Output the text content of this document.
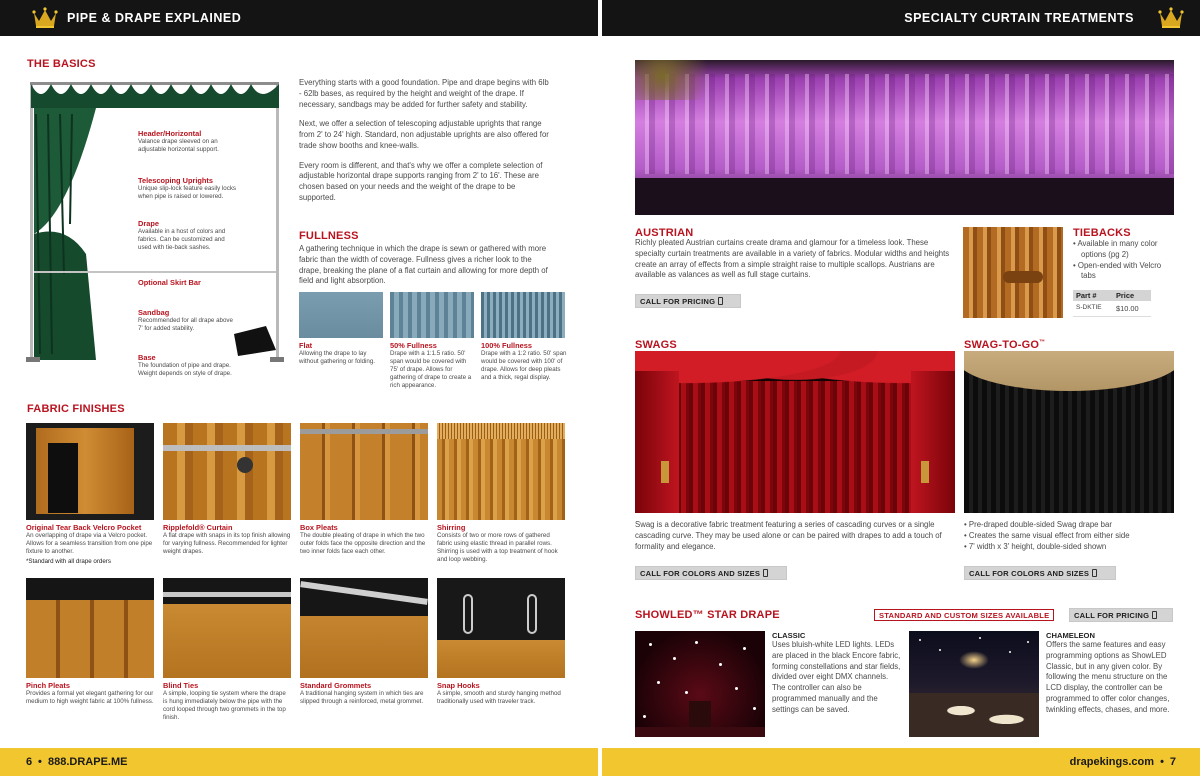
PIPE & DRAPE EXPLAINED	SPECIALTY CURTAIN TREATMENTS
THE BASICS
Header/Horizontal
Valance drape sleeved on an adjustable horizontal support.
Telescoping Uprights
Unique slip-lock feature easily locks when pipe is raised or lowered.
Drape
Available in a host of colors and fabrics. Can be customized and used with tie-back sashes.
Optional Skirt Bar
Sandbag
Recommended for all drape above 7' for added stability.
Base
The foundation of pipe and drape. Weight depends on style of drape.

Everything starts with a good foundation. Pipe and drape begins with 6lb - 62lb bases, as required by the height and weight of the drape. If necessary, sandbags may be added for further safety and stability.

Next, we offer a selection of telescoping adjustable uprights that range from 2' to 24' high. Standard, non adjustable uprights are also offered for trade show booths and knee-walls.

Every room is different, and that's why we offer a complete selection of adjustable horizontal drape supports ranging from 2' to 16'. These are chosen based on your needs and the weight of the drape to be supported.

FULLNESS

A gathering technique in which the drape is sewn or gathered with more fabric than the width of coverage. Fullness gives a richer look to the drape, breaking the plane of a flat curtain and allowing for more depth of field and light absorption.

Flat
Allowing the drape to lay without gathering or folding.
50% Fullness
Drape with a 1:1.5 ratio. 50' span would be covered with 75' of drape. Allows for gathering of drape to create a rich appearance.
100% Fullness
Drape with a 1:2 ratio. 50' span would be covered with 100' of drape. Allows for deep pleats and a thick, regal display.
FABRIC FINISHES
Original Tear Back Velcro Pocket
An overlapping of drape via a Velcro pocket. Allows for a seamless transition from one pipe fixture to another.
*Standard with all drape orders
Ripplefold® Curtain
A flat drape with snaps in its top finish allowing for varying fullness. Recommended for lighter weight drapes.
Box Pleats
The double pleating of drape in which the two outer folds face the opposite direction and the two inner folds face each other.
Shirring
Consists of two or more rows of gathered fabric using elastic thread in parallel rows. Shirring is used with a top treatment of hook and loop webbing.
Pinch Pleats
Provides a formal yet elegant gathering for our medium to high weight fabric at 100% fullness.
Blind Ties
A simple, looping tie system where the drape is hung immediately below the pipe with the cord looped through two grommets in the top finish.
Standard Grommets
A traditional hanging system in which ties are slipped through a reinforced, metal grommet.
Snap Hooks
A simple, smooth and sturdy hanging method traditionally used with traveler track.
AUSTRIAN

Richly pleated Austrian curtains create drama and glamour for a timeless look. These specialty curtain treatments are available in a variety of fabrics. Modular widths and heights create an array of effects from a simple straight raise to multiple scallops. Austrians are available as valances as well as full stage curtains.

CALL FOR PRICING
TIEBACKS
• Available in many color options (pg 2)
• Open-ended with Velcro tabs
Part #	Price
S-DKTIE	$10.00
SWAGS

Swag is a decorative fabric treatment featuring a series of cascading curves or a single cascading curve. They may be used alone or can be paired with drapes to add a touch of formality and elegance.

CALL FOR COLORS AND SIZES
SWAG-TO-GO™
• Pre-draped double-sided Swag drape bar
• Creates the same visual effect from either side
• 7' width x 3' height, double-sided shown
CALL FOR COLORS AND SIZES
SHOWLED™ STAR DRAPE	STANDARD AND CUSTOM SIZES AVAILABLE	CALL FOR PRICING
CLASSIC

Uses bluish-white LED lights. LEDs are placed in the black Encore fabric, forming constellations and star fields, divided over eight DMX channels. The controller can also be programmed manually and the settings can be saved.

CHAMELEON

Offers the same features and easy programming options as ShowLED Classic, but in any given color. By following the menu structure on the LCD display, the controller can be programmed to offer color changes, twinkling effects, chases, and more.

6 • 888.DRAPE.ME	drapekings.com • 7
